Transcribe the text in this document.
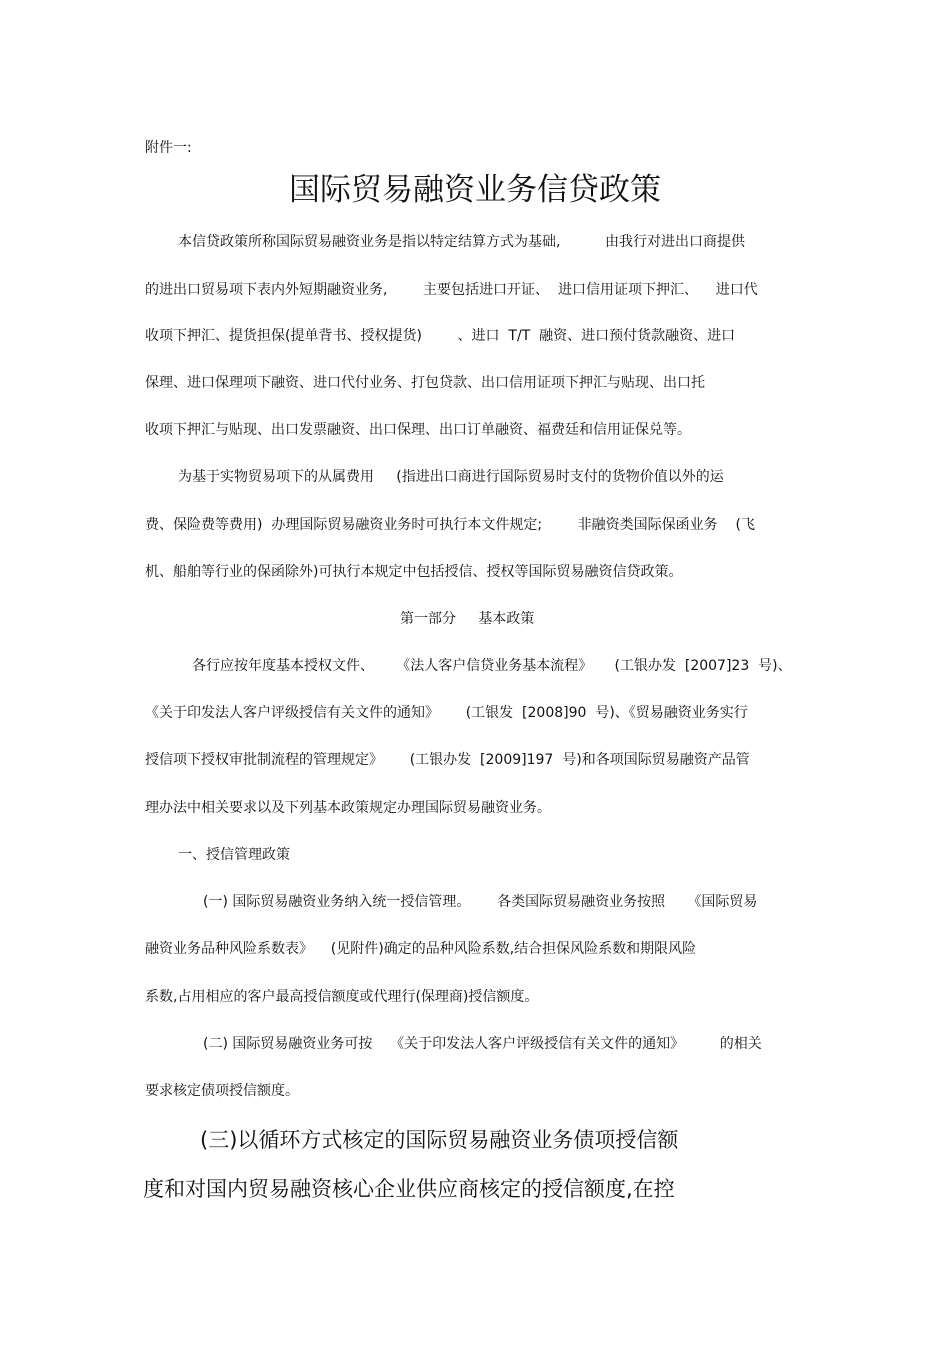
附件一:
国际贸易融资业务信贷政策
本信贷政策所称国际贸易融资业务是指以特定结算方式为基础,          由我行对进出口商提供
的进出口贸易项下表内外短期融资业务,        主要包括进口开证、  进口信用证项下押汇、    进口代
收项下押汇、提货担保(提单背书、授权提货)        、进口  T/T  融资、进口预付货款融资、进口
保理、进口保理项下融资、进口代付业务、打包贷款、出口信用证项下押汇与贴现、出口托
收项下押汇与贴现、出口发票融资、出口保理、出口订单融资、福费廷和信用证保兑等。
为基于实物贸易项下的从属费用     (指进出口商进行国际贸易时支付的货物价值以外的运
费、保险费等费用)  办理国际贸易融资业务时可执行本文件规定;        非融资类国际保函业务    (飞
机、船舶等行业的保函除外)可执行本规定中包括授信、授权等国际贸易融资信贷政策。
第一部分     基本政策
各行应按年度基本授权文件、     《法人客户信贷业务基本流程》     (工银办发  [2007]23  号)、
《关于印发法人客户评级授信有关文件的通知》      (工银发  [2008]90  号)、《贸易融资业务实行
授信项下授权审批制流程的管理规定》      (工银办发  [2009]197  号)和各项国际贸易融资产品管
理办法中相关要求以及下列基本政策规定办理国际贸易融资业务。
一、授信管理政策
(一) 国际贸易融资业务纳入统一授信管理。      各类国际贸易融资业务按照     《国际贸易
融资业务品种风险系数表》    (见附件)确定的品种风险系数,结合担保风险系数和期限风险
系数,占用相应的客户最高授信额度或代理行(保理商)授信额度。
(二) 国际贸易融资业务可按    《关于印发法人客户评级授信有关文件的通知》        的相关
要求核定债项授信额度。
(三)以循环方式核定的国际贸易融资业务债项授信额
度和对国内贸易融资核心企业供应商核定的授信额度,在控
